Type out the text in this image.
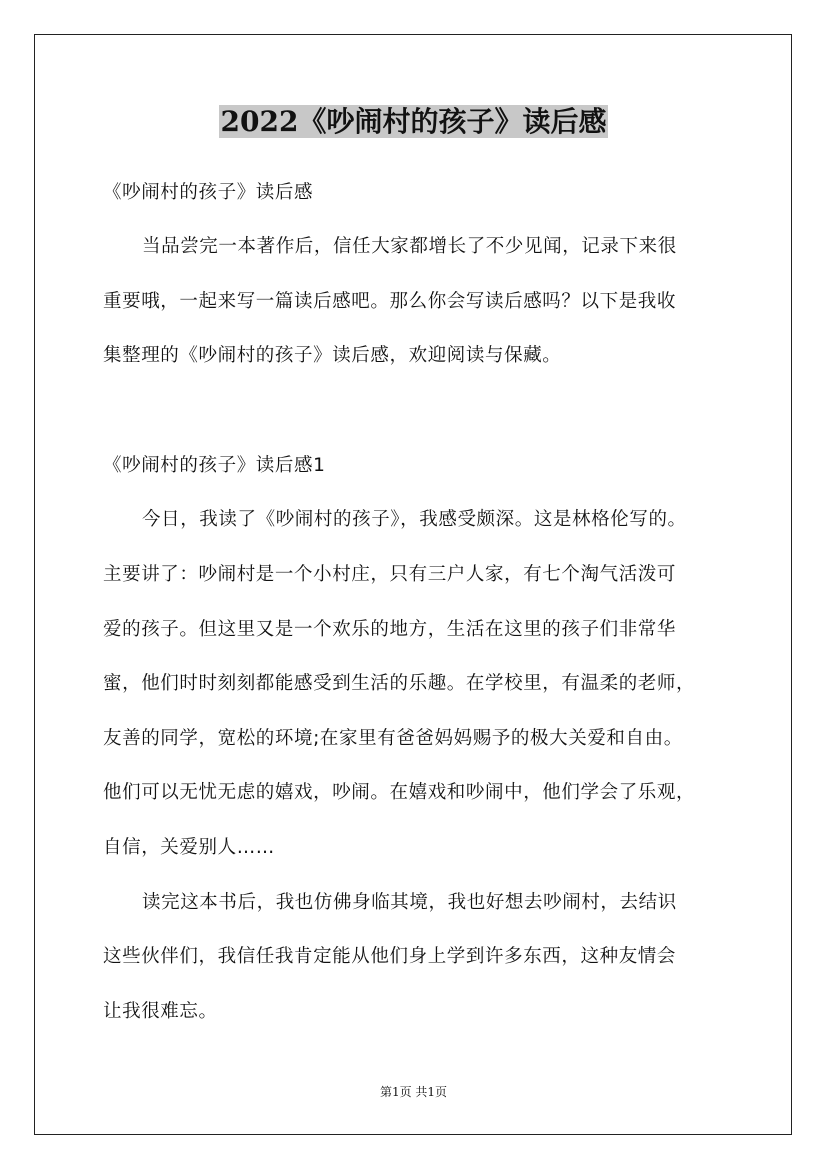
2022《吵闹村的孩子》读后感
《吵闹村的孩子》读后感
当品尝完一本著作后，信任大家都增长了不少见闻，记录下来很
重要哦，一起来写一篇读后感吧。那么你会写读后感吗？以下是我收
集整理的《吵闹村的孩子》读后感，欢迎阅读与保藏。
《吵闹村的孩子》读后感1
今日，我读了《吵闹村的孩子》，我感受颇深。这是林格伦写的。
主要讲了：吵闹村是一个小村庄，只有三户人家，有七个淘气活泼可
爱的孩子。但这里又是一个欢乐的地方，生活在这里的孩子们非常华
蜜，他们时时刻刻都能感受到生活的乐趣。在学校里，有温柔的老师，
友善的同学，宽松的环境;在家里有爸爸妈妈赐予的极大关爱和自由。
他们可以无忧无虑的嬉戏，吵闹。在嬉戏和吵闹中，他们学会了乐观，
自信，关爱别人……
读完这本书后，我也仿佛身临其境，我也好想去吵闹村，去结识
这些伙伴们，我信任我肯定能从他们身上学到许多东西，这种友情会
让我很难忘。
第1页 共1页
